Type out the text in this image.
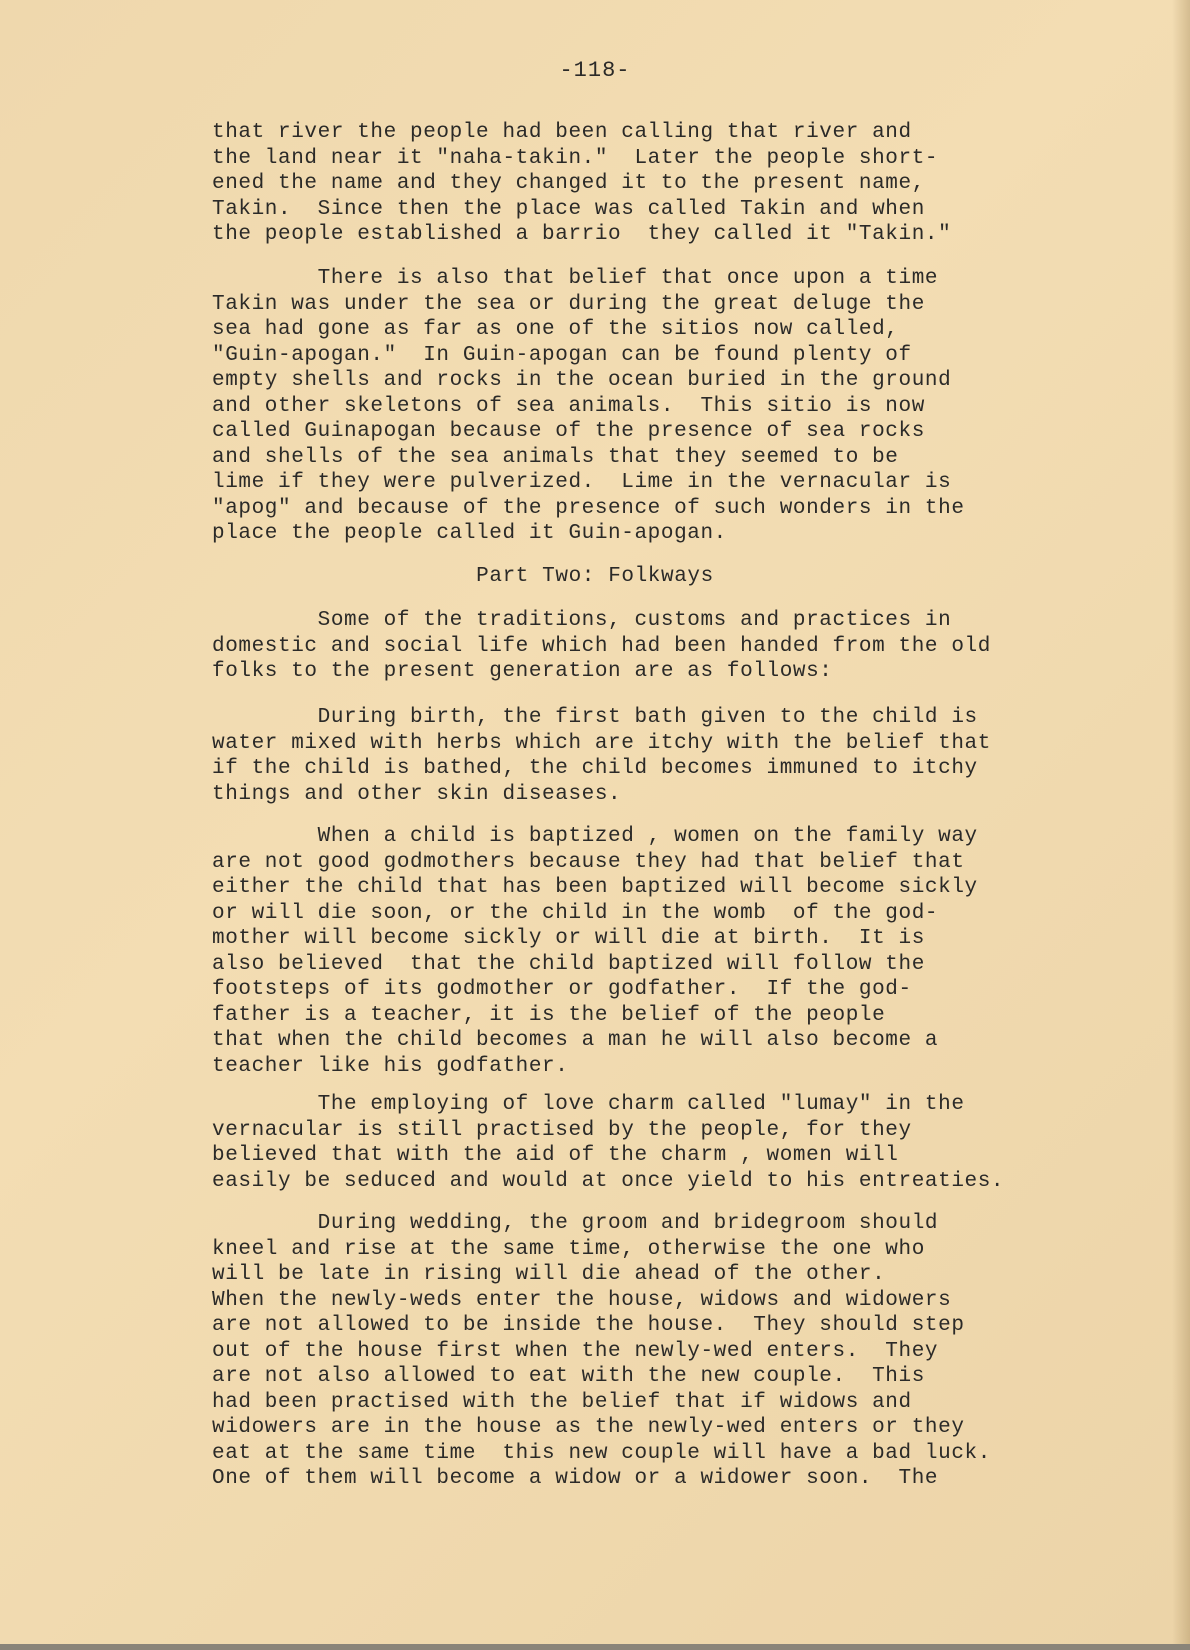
-118-
that river the people had been calling that river and
the land near it "naha-takin."  Later the people short-
ened the name and they changed it to the present name,
Takin.  Since then the place was called Takin and when
the people established a barrio  they called it "Takin."
There is also that belief that once upon a time
Takin was under the sea or during the great deluge the
sea had gone as far as one of the sitios now called,
"Guin-apogan."  In Guin-apogan can be found plenty of
empty shells and rocks in the ocean buried in the ground
and other skeletons of sea animals.  This sitio is now
called Guinapogan because of the presence of sea rocks
and shells of the sea animals that they seemed to be
lime if they were pulverized.  Lime in the vernacular is
"apog" and because of the presence of such wonders in the
place the people called it Guin-apogan.
Part Two: Folkways
Some of the traditions, customs and practices in
domestic and social life which had been handed from the old
folks to the present generation are as follows:
During birth, the first bath given to the child is
water mixed with herbs which are itchy with the belief that
if the child is bathed, the child becomes immuned to itchy
things and other skin diseases.
When a child is baptized , women on the family way
are not good godmothers because they had that belief that
either the child that has been baptized will become sickly
or will die soon, or the child in the womb  of the god-
mother will become sickly or will die at birth.  It is
also believed  that the child baptized will follow the
footsteps of its godmother or godfather.  If the god-
father is a teacher, it is the belief of the people
that when the child becomes a man he will also become a
teacher like his godfather.
The employing of love charm called "lumay" in the
vernacular is still practised by the people, for they
believed that with the aid of the charm , women will
easily be seduced and would at once yield to his entreaties.
During wedding, the groom and bridegroom should
kneel and rise at the same time, otherwise the one who
will be late in rising will die ahead of the other.
When the newly-weds enter the house, widows and widowers
are not allowed to be inside the house.  They should step
out of the house first when the newly-wed enters.  They
are not also allowed to eat with the new couple.  This
had been practised with the belief that if widows and
widowers are in the house as the newly-wed enters or they
eat at the same time  this new couple will have a bad luck.
One of them will become a widow or a widower soon.  The
